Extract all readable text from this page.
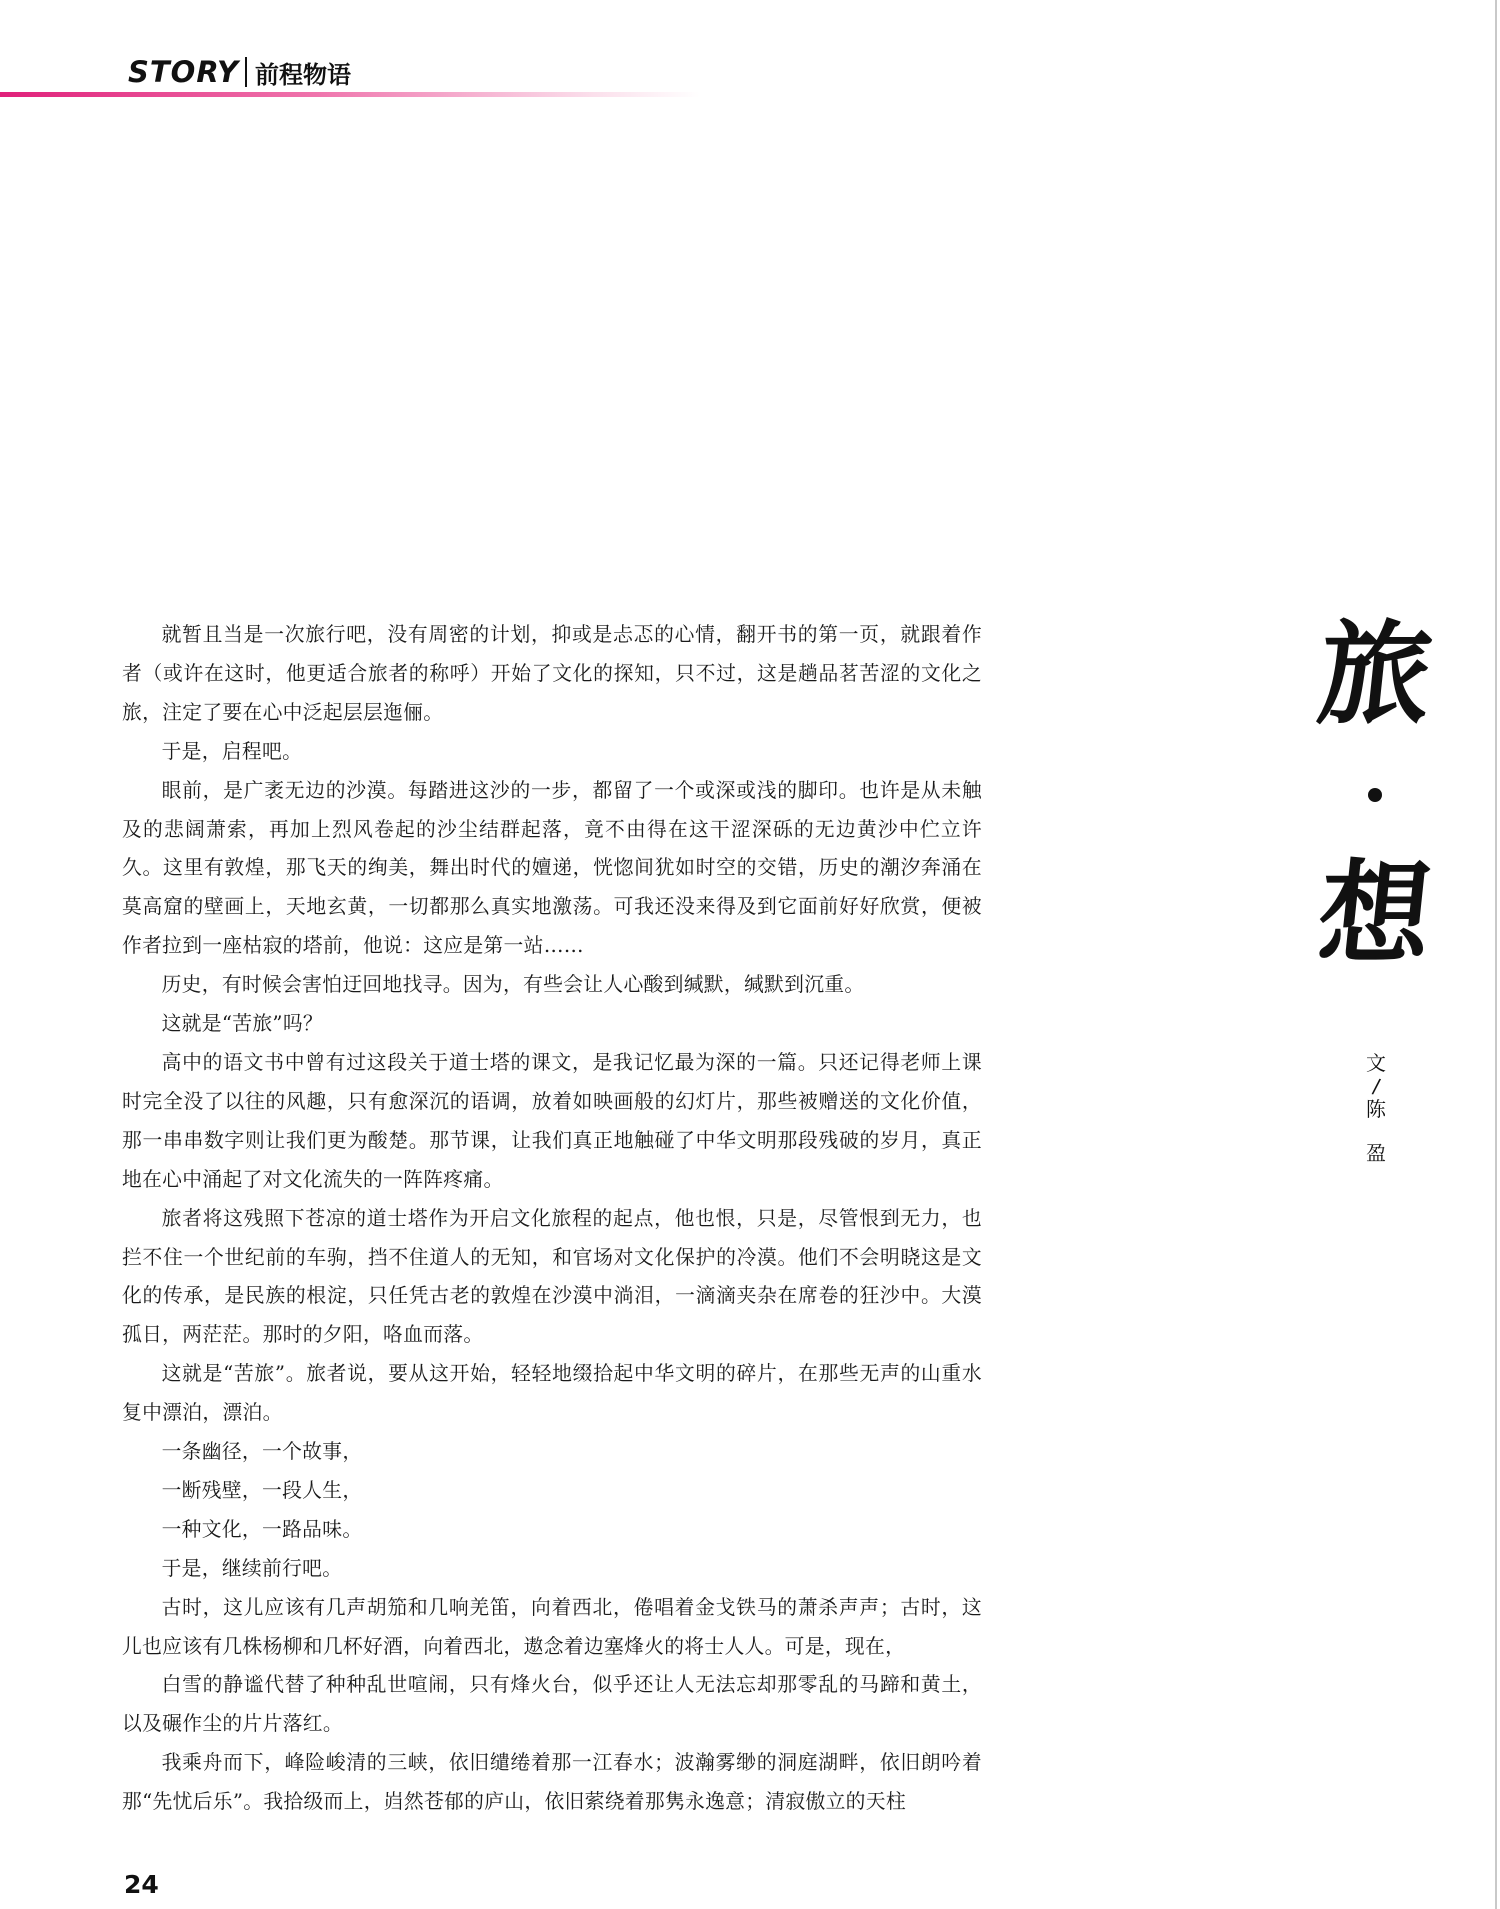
STORY 前程物语

就暂且当是一次旅行吧，没有周密的计划，抑或是忐忑的心情，翻开书的第一页，就跟着作者（或许在这时，他更适合旅者的称呼）开始了文化的探知，只不过，这是趟品茗苦涩的文化之旅，注定了要在心中泛起层层迤俪。

于是，启程吧。

眼前，是广袤无边的沙漠。每踏进这沙的一步，都留了一个或深或浅的脚印。也许是从未触及的悲阔萧索，再加上烈风卷起的沙尘结群起落，竟不由得在这干涩深砾的无边黄沙中伫立许久。这里有敦煌，那飞天的绚美，舞出时代的嬗递，恍惚间犹如时空的交错，历史的潮汐奔涌在莫高窟的壁画上，天地玄黄，一切都那么真实地激荡。可我还没来得及到它面前好好欣赏，便被作者拉到一座枯寂的塔前，他说：这应是第一站……

历史，有时候会害怕迂回地找寻。因为，有些会让人心酸到缄默，缄默到沉重。

这就是“苦旅”吗？

高中的语文书中曾有过这段关于道士塔的课文，是我记忆最为深的一篇。只还记得老师上课时完全没了以往的风趣，只有愈深沉的语调，放着如映画般的幻灯片，那些被赠送的文化价值，那一串串数字则让我们更为酸楚。那节课，让我们真正地触碰了中华文明那段残破的岁月，真正地在心中涌起了对文化流失的一阵阵疼痛。

旅者将这残照下苍凉的道士塔作为开启文化旅程的起点，他也恨，只是，尽管恨到无力，也拦不住一个世纪前的车驹，挡不住道人的无知，和官场对文化保护的冷漠。他们不会明晓这是文化的传承，是民族的根淀，只任凭古老的敦煌在沙漠中淌泪，一滴滴夹杂在席卷的狂沙中。大漠孤日，两茫茫。那时的夕阳，咯血而落。

这就是“苦旅”。旅者说，要从这开始，轻轻地缀拾起中华文明的碎片，在那些无声的山重水复中漂泊，漂泊。

一条幽径，一个故事，

一断残壁，一段人生，

一种文化，一路品味。

于是，继续前行吧。

古时，这儿应该有几声胡笳和几响羌笛，向着西北，倦唱着金戈铁马的萧杀声声；古时，这儿也应该有几株杨柳和几杯好酒，向着西北，遨念着边塞烽火的将士人人。可是，现在，

白雪的静谧代替了种种乱世喧闹，只有烽火台，似乎还让人无法忘却那零乱的马蹄和黄土，以及碾作尘的片片落红。

我乘舟而下，峰险峻清的三峡，依旧缱绻着那一江春水；波瀚雾缈的洞庭湖畔，依旧朗吟着那“先忧后乐”。我拾级而上，岿然苍郁的庐山，依旧萦绕着那隽永逸意；清寂傲立的天柱

旅
想
文
/
陈
盈
24
